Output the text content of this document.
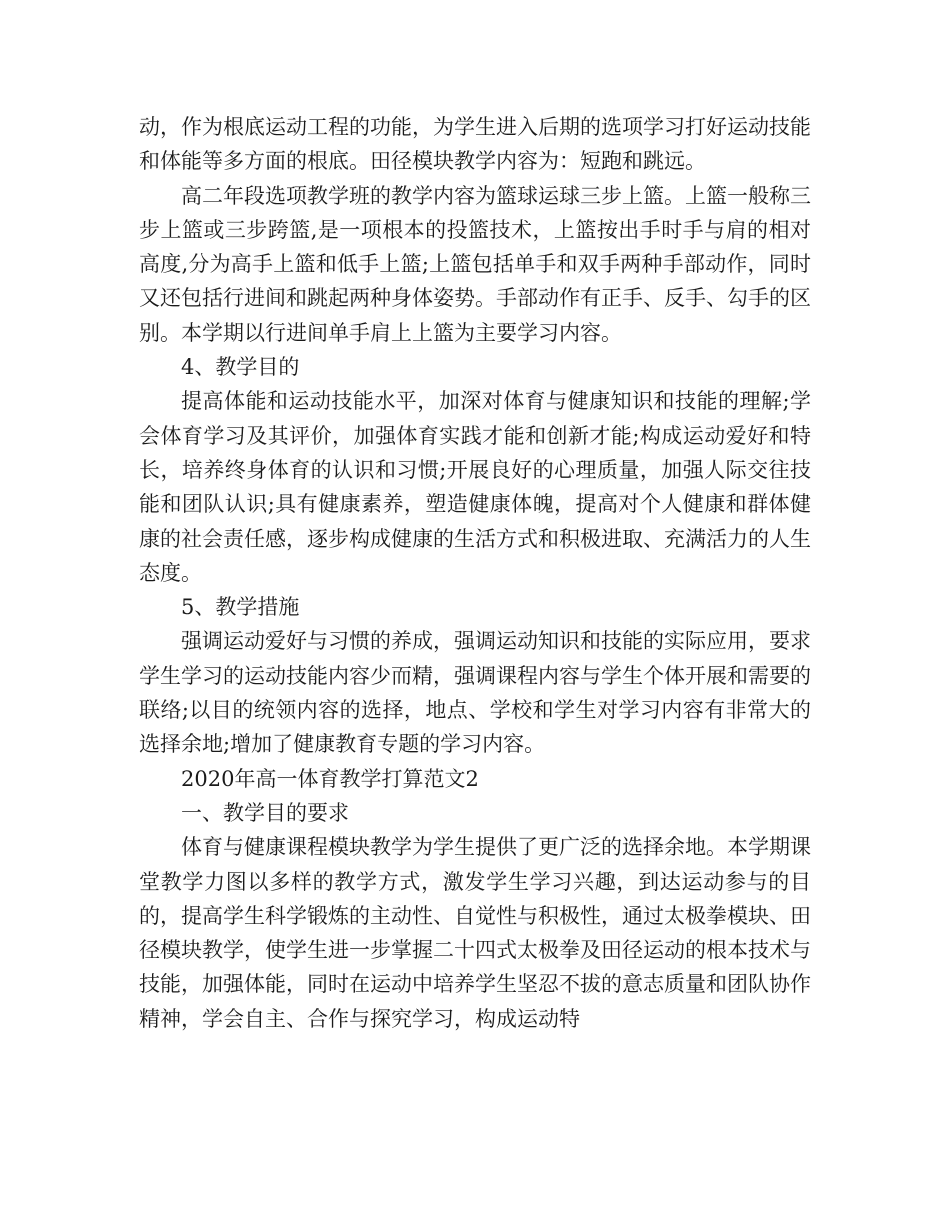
动，作为根底运动工程的功能，为学生进入后期的选项学习打好运动技能和体能等多方面的根底。田径模块教学内容为：短跑和跳远。

高二年段选项教学班的教学内容为篮球运球三步上篮。上篮一般称三步上篮或三步跨篮,是一项根本的投篮技术，上篮按出手时手与肩的相对高度,分为高手上篮和低手上篮;上篮包括单手和双手两种手部动作，同时又还包括行进间和跳起两种身体姿势。手部动作有正手、反手、勾手的区别。本学期以行进间单手肩上上篮为主要学习内容。

4、教学目的

提高体能和运动技能水平，加深对体育与健康知识和技能的理解;学会体育学习及其评价，加强体育实践才能和创新才能;构成运动爱好和特长，培养终身体育的认识和习惯;开展良好的心理质量，加强人际交往技能和团队认识;具有健康素养，塑造健康体魄，提高对个人健康和群体健康的社会责任感，逐步构成健康的生活方式和积极进取、充满活力的人生态度。

5、教学措施

强调运动爱好与习惯的养成，强调运动知识和技能的实际应用，要求学生学习的运动技能内容少而精，强调课程内容与学生个体开展和需要的联络;以目的统领内容的选择，地点、学校和学生对学习内容有非常大的选择余地;增加了健康教育专题的学习内容。

2020年高一体育教学打算范文2

一、教学目的要求

体育与健康课程模块教学为学生提供了更广泛的选择余地。本学期课堂教学力图以多样的教学方式，激发学生学习兴趣，到达运动参与的目的，提高学生科学锻炼的主动性、自觉性与积极性，通过太极拳模块、田径模块教学，使学生进一步掌握二十四式太极拳及田径运动的根本技术与技能，加强体能，同时在运动中培养学生坚忍不拔的意志质量和团队协作精神，学会自主、合作与探究学习，构成运动特
